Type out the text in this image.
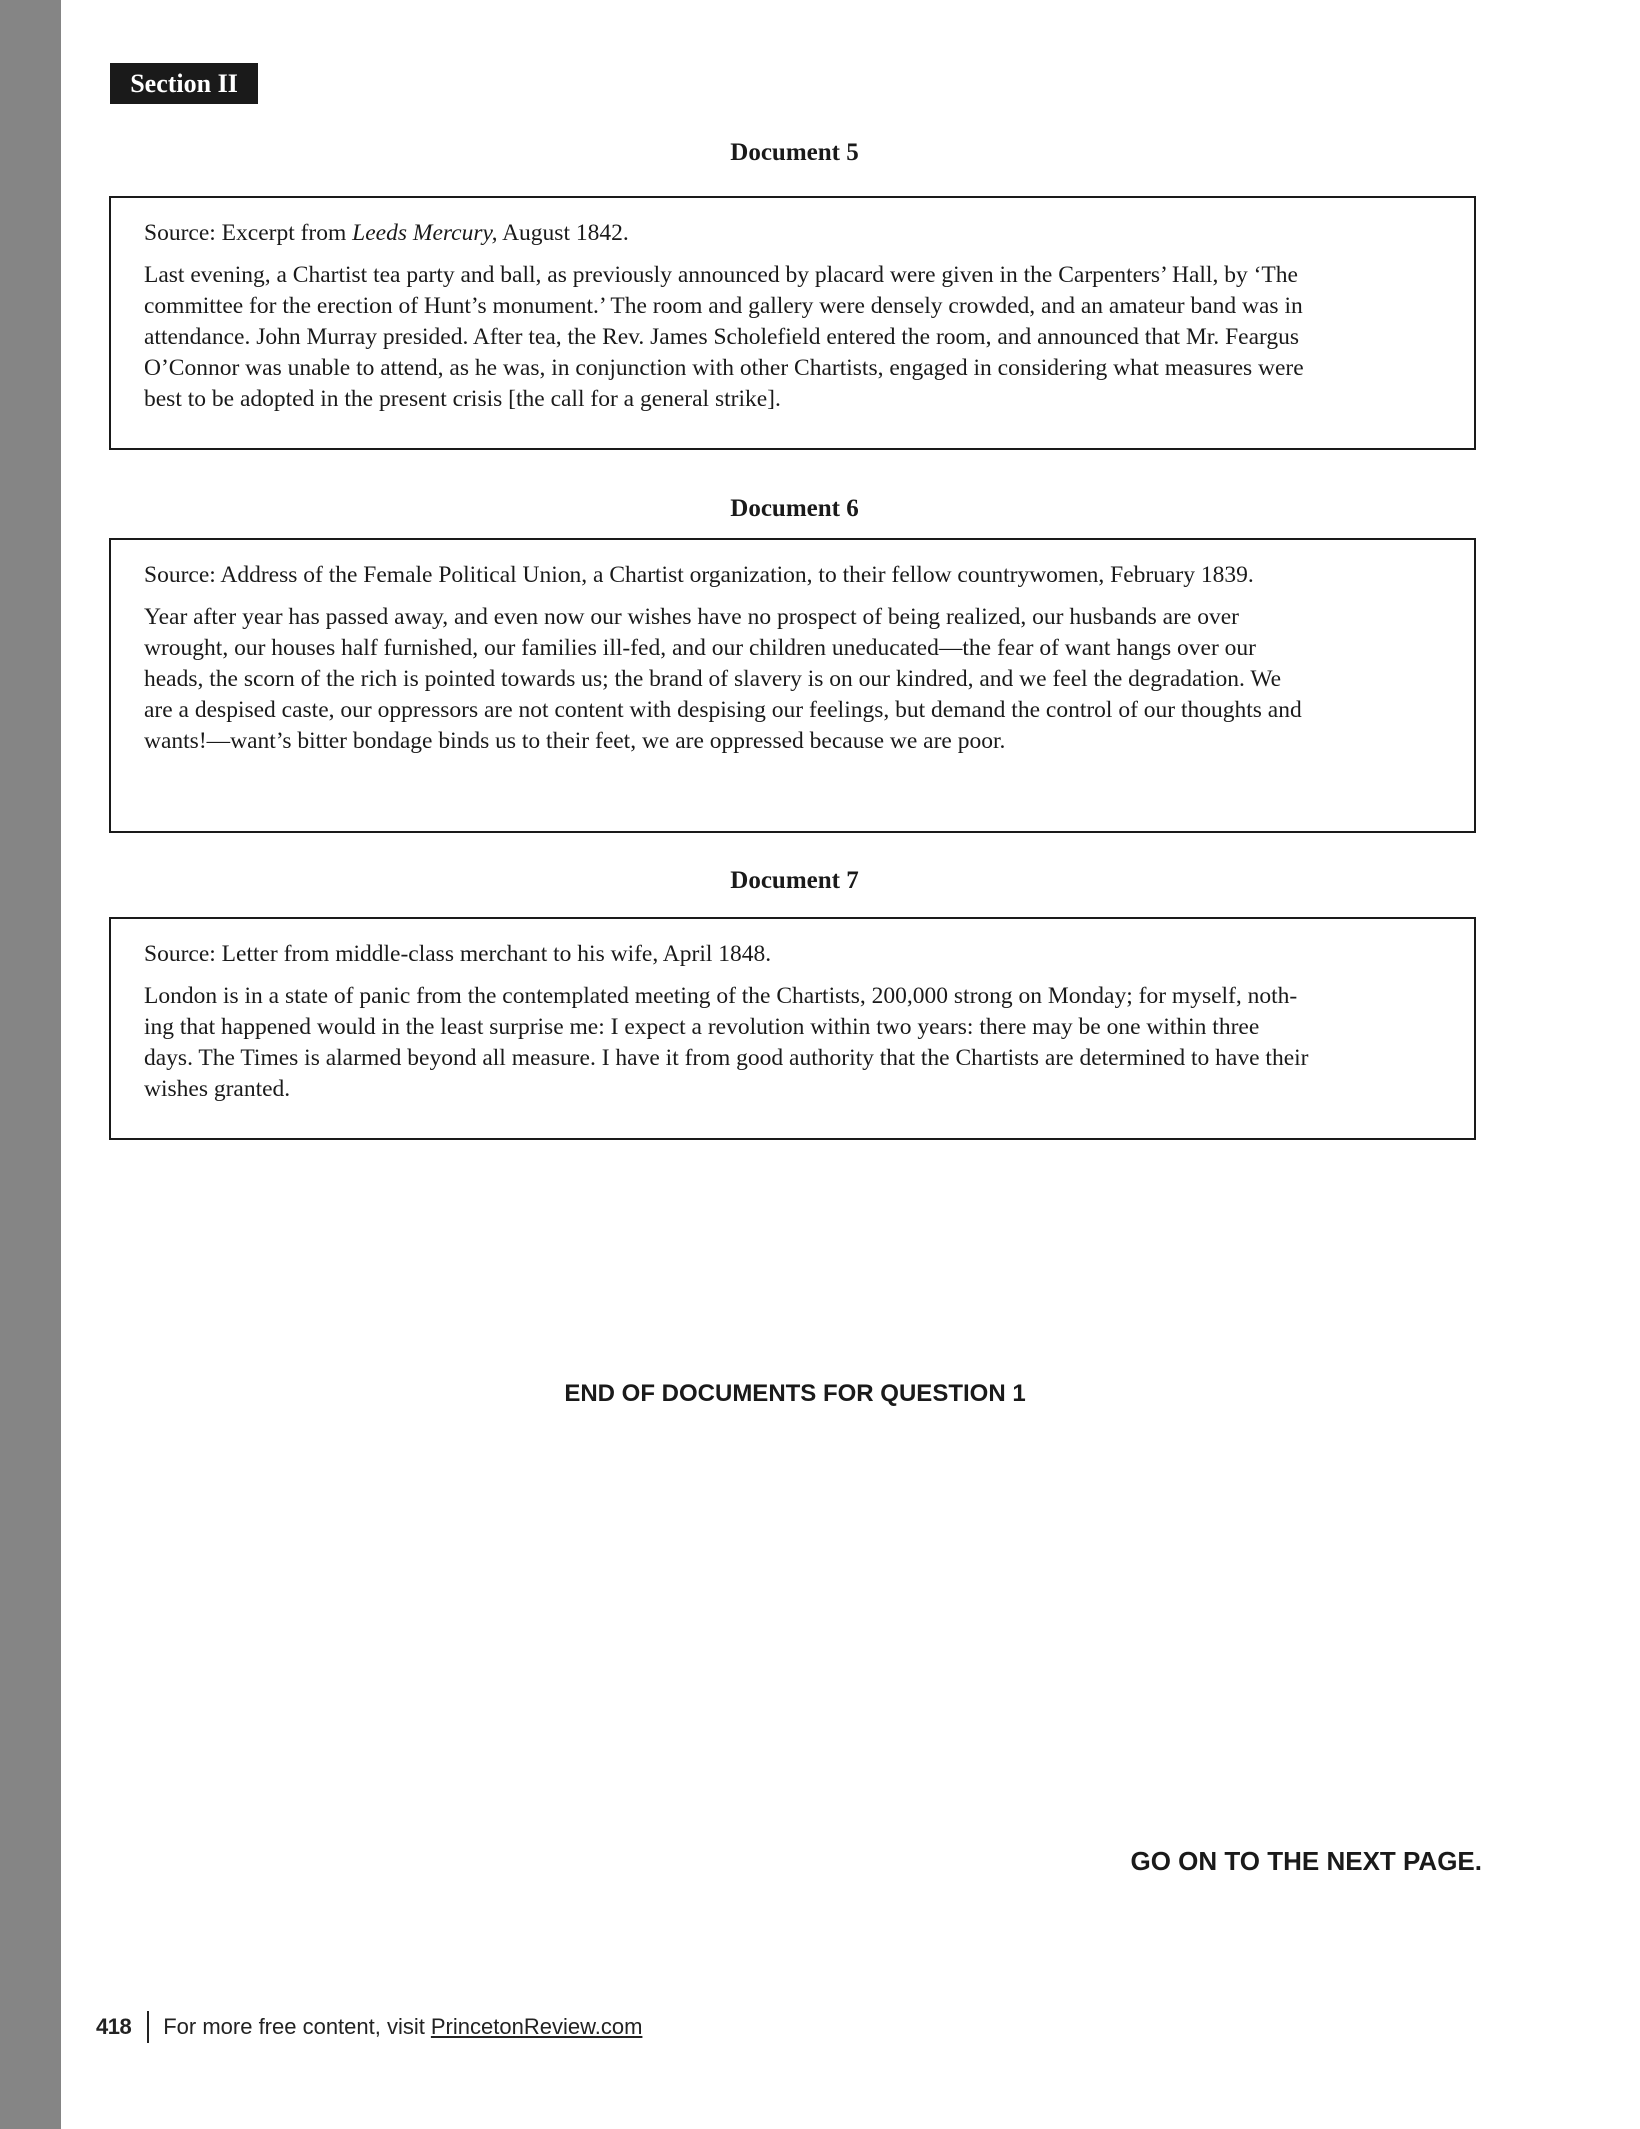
Section II
Document 5
Source: Excerpt from Leeds Mercury, August 1842.
Last evening, a Chartist tea party and ball, as previously announced by placard were given in the Carpenters’ Hall, by ‘The
committee for the erection of Hunt’s monument.’ The room and gallery were densely crowded, and an amateur band was in
attendance. John Murray presided. After tea, the Rev. James Scholefield entered the room, and announced that Mr. Feargus
O’Connor was unable to attend, as he was, in conjunction with other Chartists, engaged in considering what measures were
best to be adopted in the present crisis [the call for a general strike].
Document 6
Source: Address of the Female Political Union, a Chartist organization, to their fellow countrywomen, February 1839.
Year after year has passed away, and even now our wishes have no prospect of being realized, our husbands are over
wrought, our houses half furnished, our families ill-fed, and our children uneducated—the fear of want hangs over our
heads, the scorn of the rich is pointed towards us; the brand of slavery is on our kindred, and we feel the degradation. We
are a despised caste, our oppressors are not content with despising our feelings, but demand the control of our thoughts and
wants!—want’s bitter bondage binds us to their feet, we are oppressed because we are poor.
Document 7
Source: Letter from middle-class merchant to his wife, April 1848.
London is in a state of panic from the contemplated meeting of the Chartists, 200,000 strong on Monday; for myself, noth-
ing that happened would in the least surprise me: I expect a revolution within two years: there may be one within three
days. The Times is alarmed beyond all measure. I have it from good authority that the Chartists are determined to have their
wishes granted.
END OF DOCUMENTS FOR QUESTION 1
GO ON TO THE NEXT PAGE.
418 For more free content, visit PrincetonReview.com
